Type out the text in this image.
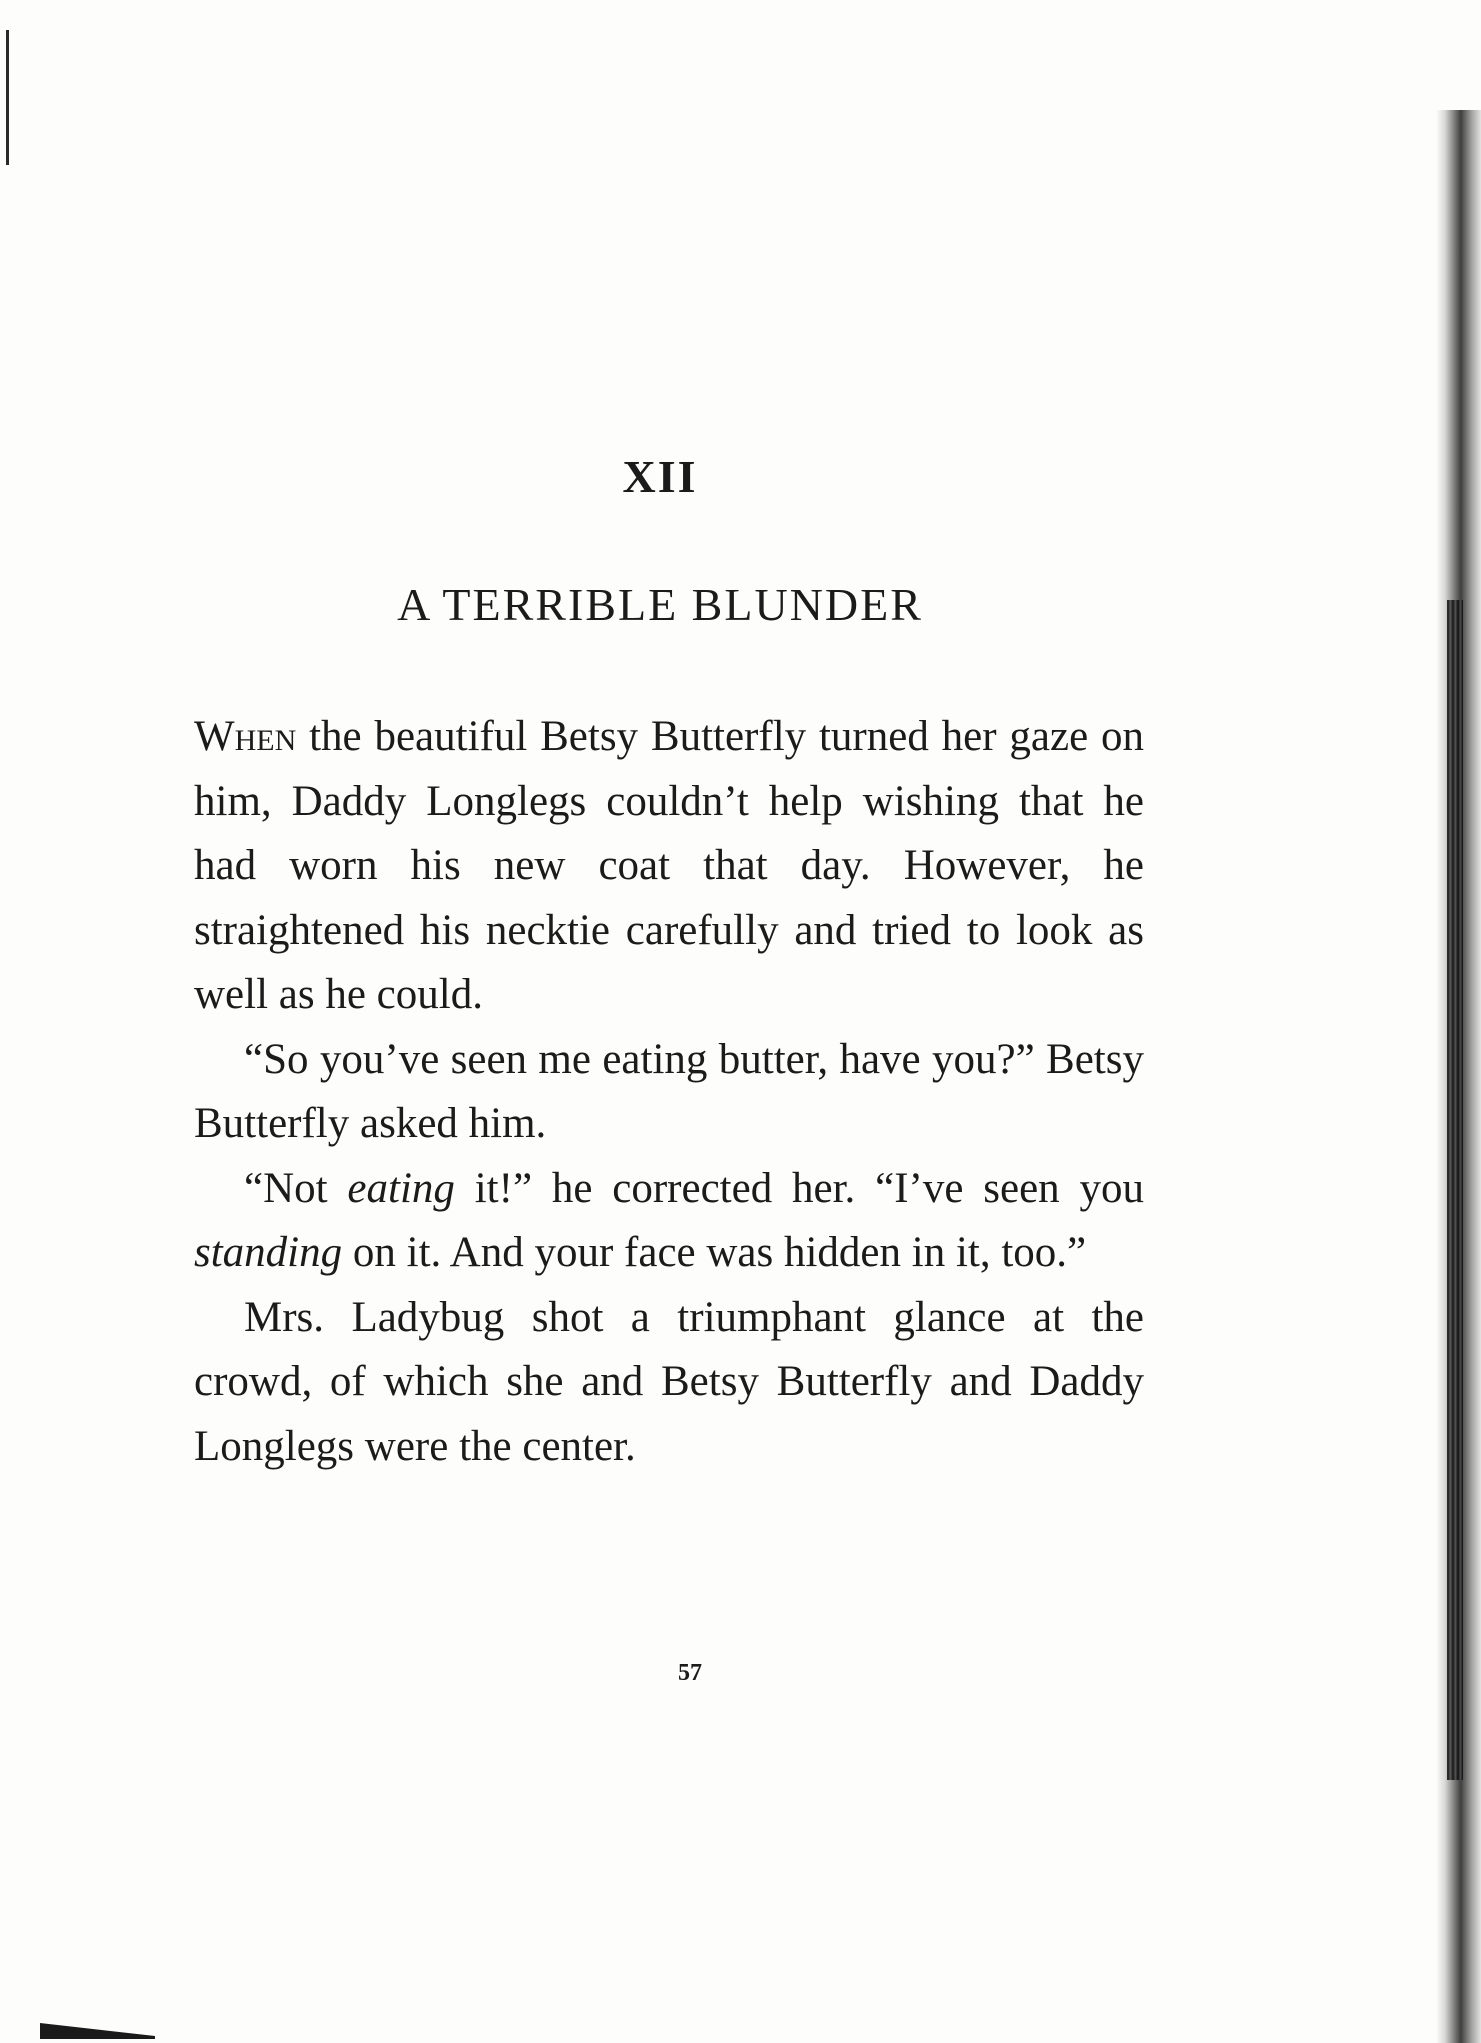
XII
A TERRIBLE BLUNDER

When the beautiful Betsy Butterfly turned her gaze on him, Daddy Longlegs couldn’t help wishing that he had worn his new coat that day. However, he straightened his necktie carefully and tried to look as well as he could.

“So you’ve seen me eating butter, have you?” Betsy Butterfly asked him.

“Not eating it!” he corrected her. “I’ve seen you standing on it. And your face was hidden in it, too.”

Mrs. Ladybug shot a triumphant glance at the crowd, of which she and Betsy Butterfly and Daddy Longlegs were the center.

57
